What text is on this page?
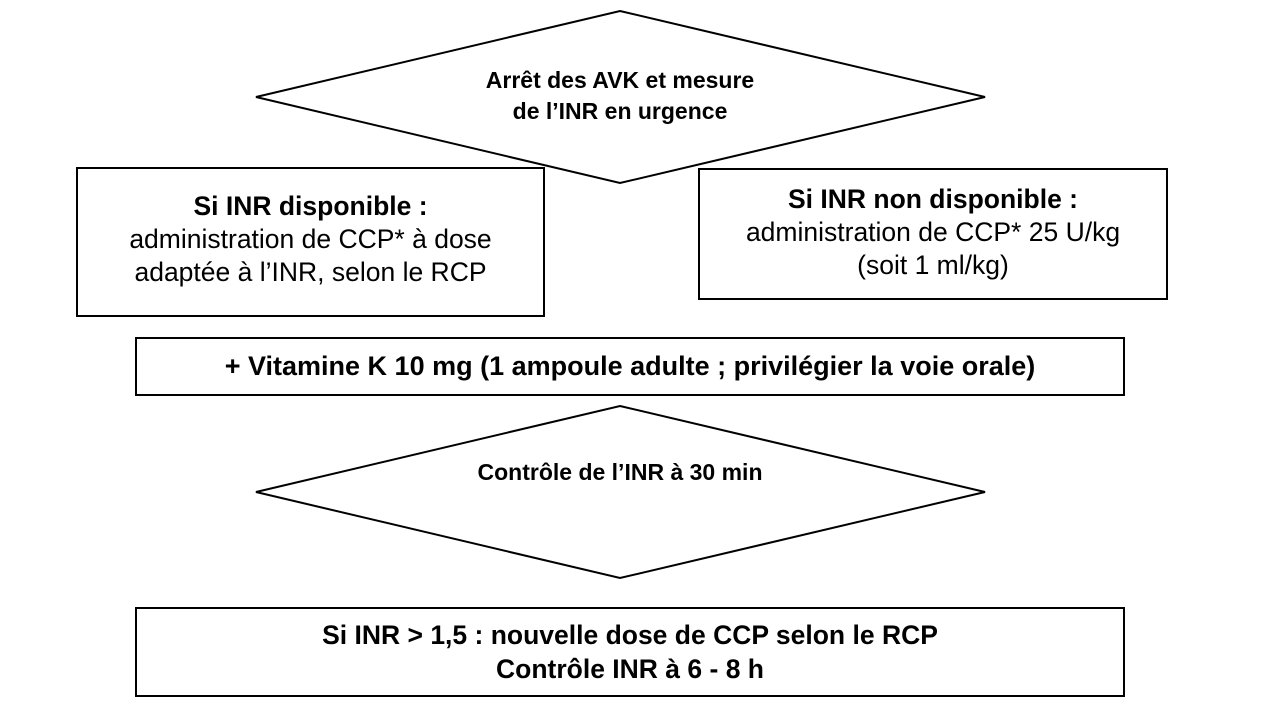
Arrêt des AVK et mesure
de l’INR en urgence
Si INR disponible :
administration de CCP* à dose
adaptée à l’INR, selon le RCP
Si INR non disponible :
administration de CCP* 25 U/kg
(soit 1 ml/kg)
+ Vitamine K 10 mg (1 ampoule adulte ; privilégier la voie orale)
Contrôle de l’INR à 30 min
Si INR > 1,5 : nouvelle dose de CCP selon le RCP
Contrôle INR à 6 - 8 h
